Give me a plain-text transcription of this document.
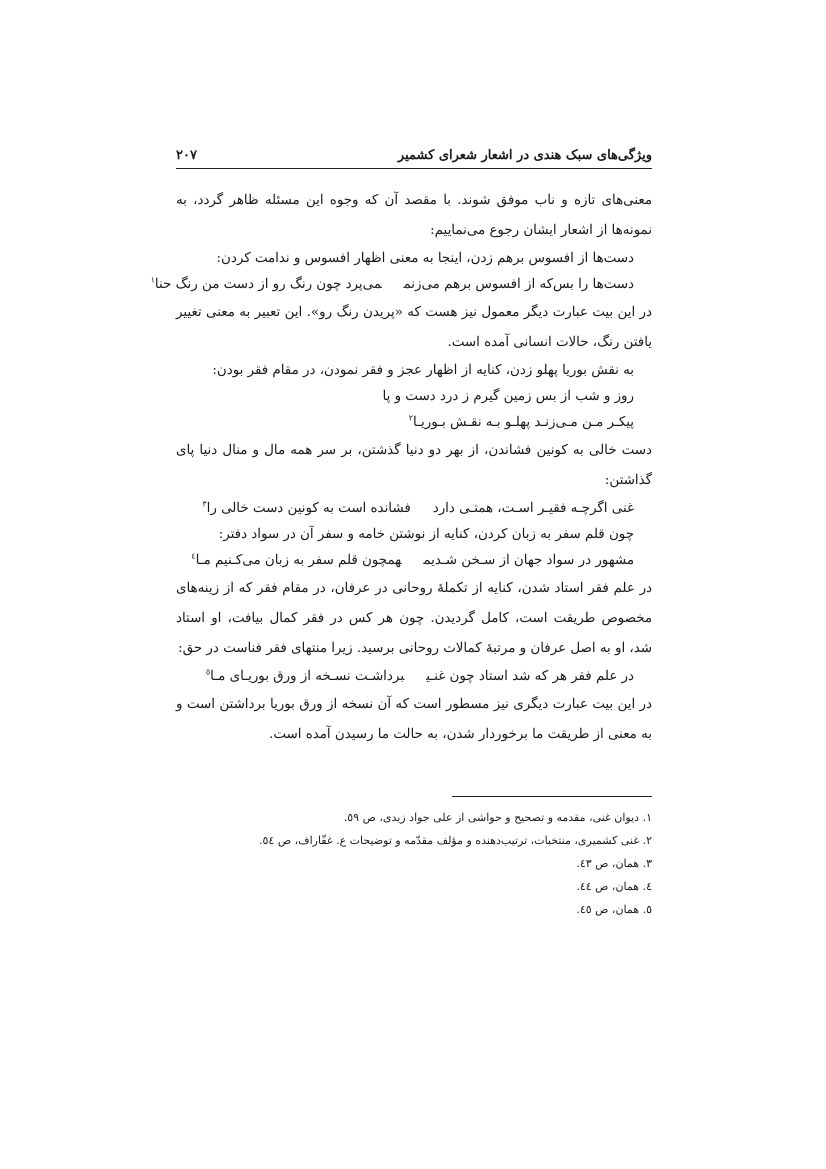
ویژگی‌های سبک هندی در اشعار شعرای کشمیر
۲۰۷

معنی‌های تازه و ناب موفق شوند. با مقصد آن که وجوه این مسئله ظاهر گردد، به نمونه‌ها از اشعار ایشان رجوع می‌نماییم:

دست‌ها از افسوس برهم زدن، اینجا به معنی اظهار افسوس و ندامت کردن:

دست‌ها را بس‌که از افسوس برهم می‌زنممی‌پرد چون رنگ رو از دست من رنگ حنا$^۱$

در این بیت عبارت دیگر معمول نیز هست که «پریدن رنگ رو». این تعبیر به معنی تغییر یافتن رنگ، حالات انسانی آمده است.

به نقش بوریا پهلو زدن، کنایه از اظهار عجز و فقر نمودن، در مقام فقر بودن:

روز و شب از بس زمین گیرم ز درد دست و پا

پیکـر مـن مـی‌زنـد پهلـو بـه نقـش بـوریـا$^۲$

دست خالی به کونین فشاندن، از بهر دو دنیا گذشتن، بر سر همه مال و منال دنیا پای گذاشتن:

غنی اگرچـه فقیـر اسـت، همتـی داردفشانده است به کونین دست خالی را$^۳$

چون قلم سفر به زبان کردن، کنایه از نوشتن خامه و سفر آن در سواد دفتر:

مشهور در سواد جهان از سـخن شـدیمهمچون قلم سفر به زبان می‌کـنیم مـا$^٤$

در علم فقر استاد شدن، کنایه از تکملهٔ روحانی در عرفان، در مقام فقر که از زینه‌های مخصوص طریقت است، کامل گردیدن. چون هر کس در فقر کمال بیافت، او استاد شد، او به اصل عرفان و مرتبهٔ کمالات روحانی برسید. زیرا منتهای فقر فناست در حق:

در علم فقر هر که شد استاد چون غنـیبرداشـت نسـخه از ورق بوریـای مـا$^٥$

در این بیت عبارت دیگری نیز مسطور است که آن نسخه از ورق بوریا برداشتن است و به معنی از طریقت ما برخوردار شدن، به حالت ما رسیدن آمده است.

۱. دیوان غنی، مقدمه و تصحیح و حواشی از علی جواد زیدی، ص ٥۹.

۲. غنی کشمیری، منتخبات، ترتیب‌دهنده و مؤلف مقدّمه و توضیحات ع. غفّاراف، ص ٥٤.

۳. همان، ص ٤۳.

٤. همان، ص ٤٤.

٥. همان، ص ٤٥.
